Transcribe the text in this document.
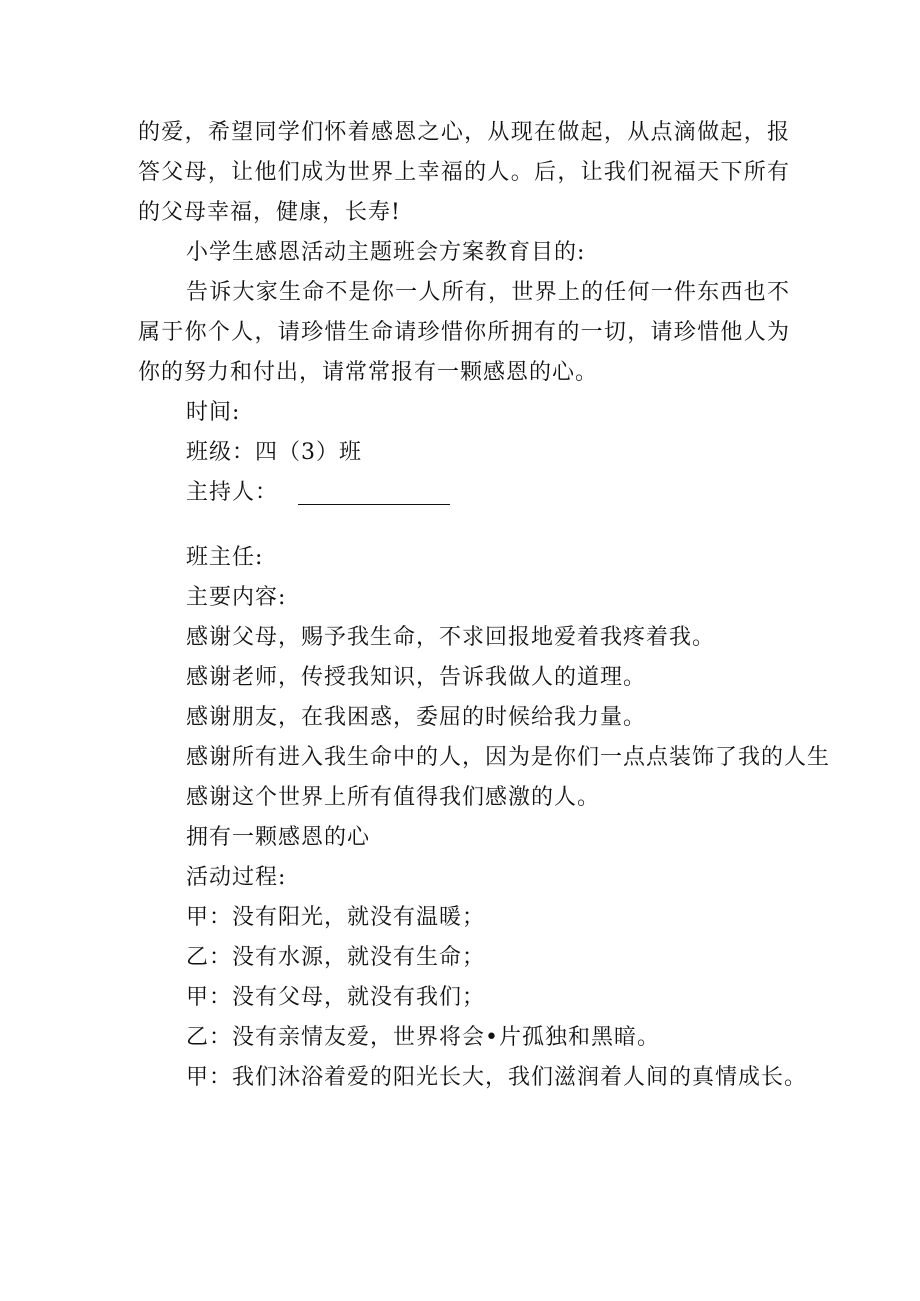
的爱，希望同学们怀着感恩之心，从现在做起，从点滴做起，报答父母，让他们成为世界上幸福的人。后，让我们祝福天下所有的父母幸福，健康，长寿!

小学生感恩活动主题班会方案教育目的:

告诉大家生命不是你一人所有，世界上的任何一件东西也不属于你个人，请珍惜生命请珍惜你所拥有的一切，请珍惜他人为你的努力和付出，请常常报有一颗感恩的心。

时间:

班级：四（3）班

主持人：

班主任:

主要内容:

感谢父母，赐予我生命，不求回报地爱着我疼着我。

感谢老师，传授我知识，告诉我做人的道理。

感谢朋友，在我困惑，委屈的时候给我力量。

感谢所有进入我生命中的人，因为是你们一点点装饰了我的人生

感谢这个世界上所有值得我们感激的人。

拥有一颗感恩的心

活动过程:

甲：没有阳光，就没有温暖；

乙：没有水源，就没有生命；

甲：没有父母，就没有我们；

乙：没有亲情友爱，世界将会•片孤独和黑暗。

甲：我们沐浴着爱的阳光长大，我们滋润着人间的真情成长。
